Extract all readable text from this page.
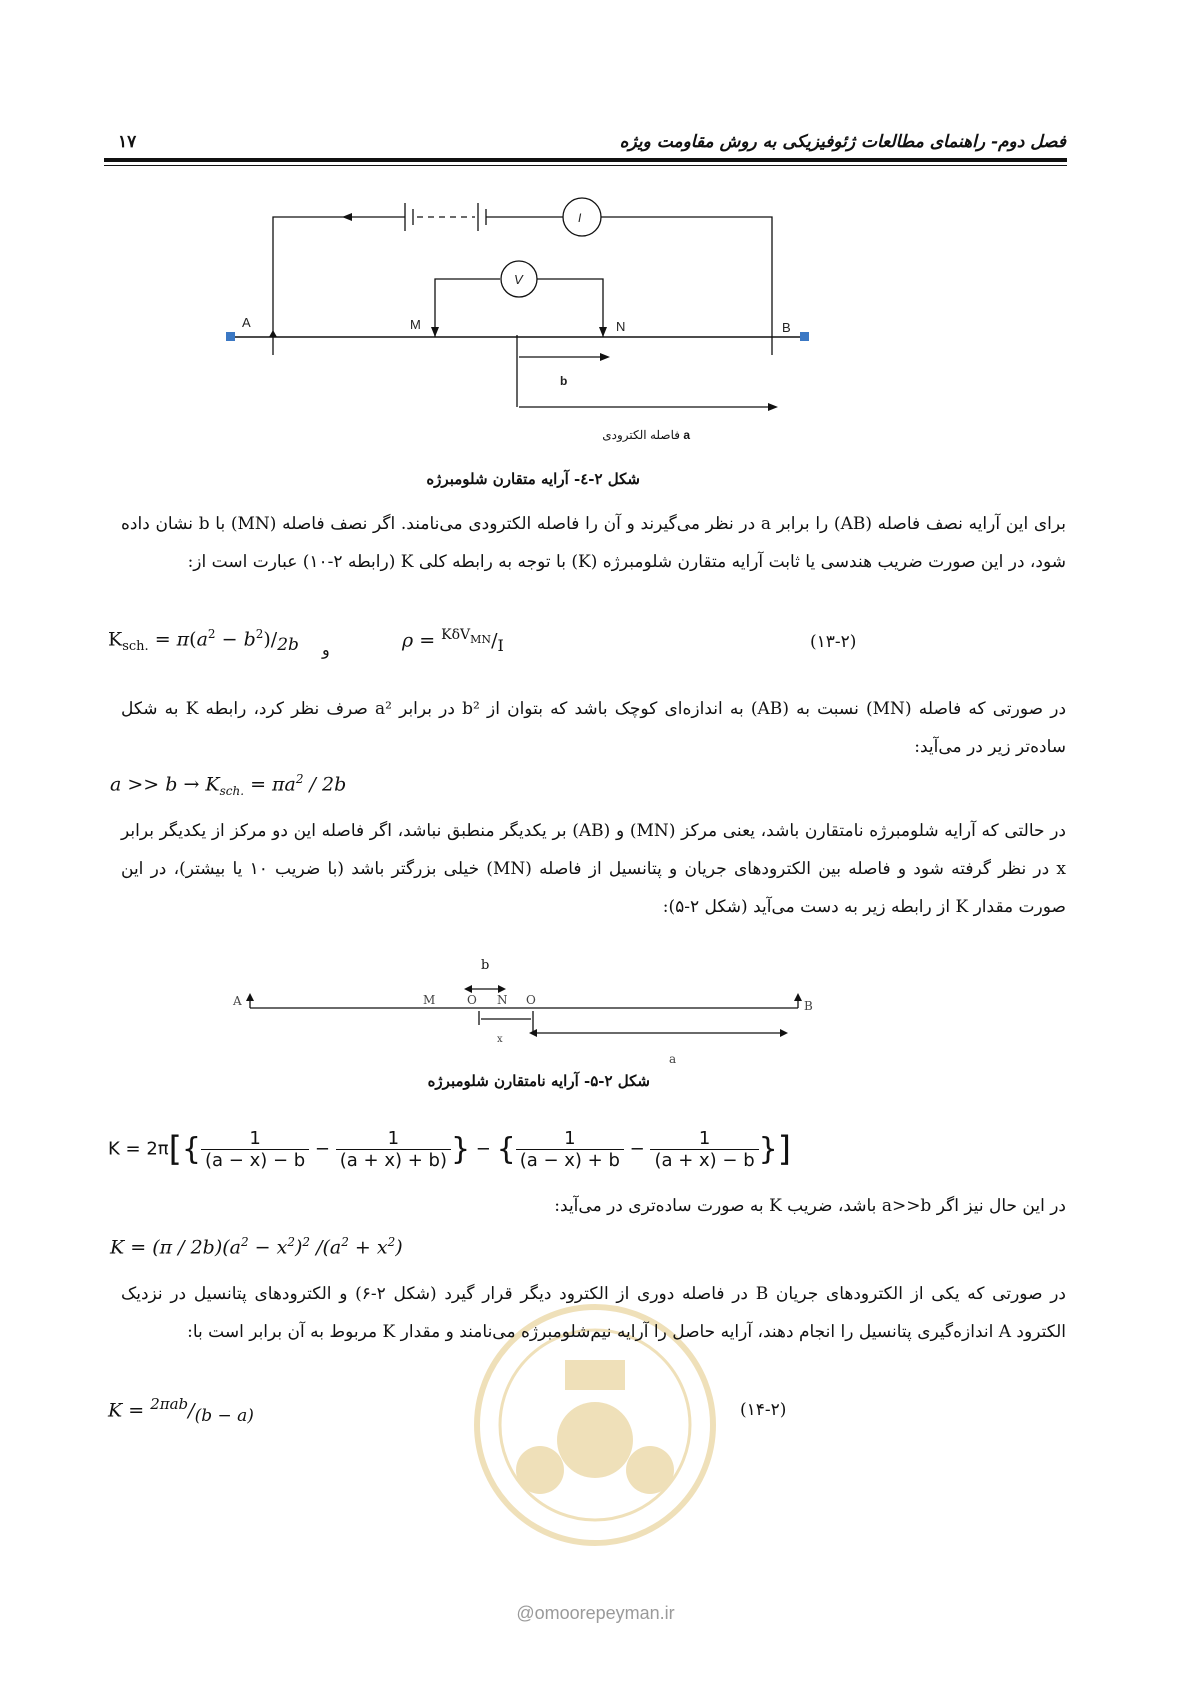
فصل دوم- راهنمای مطالعات ژئوفیزیکی به روش مقاومت ویژه
۱۷
A	M	N	B
I
V
b
a فاصله الکترودی
شکل ۲-٤- آرایه متقارن شلومبرژه
برای این آرایه نصف فاصله (AB) را برابر a در نظر می‌گیرند و آن را فاصله الکترودی می‌نامند. اگر نصف فاصله (MN) با b نشان داده شود، در این صورت ضریب هندسی یا ثابت آرایه متقارن شلومبرژه (K) با توجه به رابطه کلی K (رابطه ۲-۱۰) عبارت است از:
$K_{sch.} = \pi(a^2 - b^2)/_{2b}$ و	$\rho = ^{K\delta V_{MN}}/_I$	(۱۳-۲)
در صورتی که فاصله (MN) نسبت به (AB) به اندازه‌ای کوچک باشد که بتوان از b² در برابر a² صرف نظر کرد، رابطه K به شکل ساده‌تر زیر در می‌آید:
$a >> b \to K_{sch.} = \pi a^2 / 2b$
در حالتی که آرایه شلومبرژه نامتقارن باشد، یعنی مرکز (MN) و (AB) بر یکدیگر منطبق نباشد، اگر فاصله این دو مرکز از یکدیگر برابر x در نظر گرفته شود و فاصله بین الکترودهای جریان و پتانسیل از فاصله (MN) خیلی بزرگتر باشد (با ضریب ۱۰ یا بیشتر)، در این صورت مقدار K از رابطه زیر به دست می‌آید (شکل ۲-۵):
A	M	O N O	B
b
x
a
شکل ۲-۵- آرایه نامتقارن شلومبرژه
$K = 2\pi[\{ \frac{1}{(a - x) - b} - \frac{1}{(a + x) + b)}$ } − { $\frac{1}{(a - x) + b} - \frac{1}{(a + x) - b}$ }]
در این حال نیز اگر a>>b باشد، ضریب K به صورت ساده‌تری در می‌آید:
$K = (\pi / 2b)(a^2 - x^2)^2$ $/(a^2 + x^2)$
در صورتی که یکی از الکترودهای جریان B در فاصله دوری از الکترود دیگر قرار گیرد (شکل ۲-۶) و الکترودهای پتانسیل در نزدیک الکترود A اندازه‌گیری پتانسیل را انجام دهند، آرایه حاصل را آرایه نیم‌شلومبرژه می‌نامند و مقدار K مربوط به آن برابر است با:
$K = ^{2\pi ab}/_{(b - a)}$	(۱۴-۲)
@omoorepeyman.ir
